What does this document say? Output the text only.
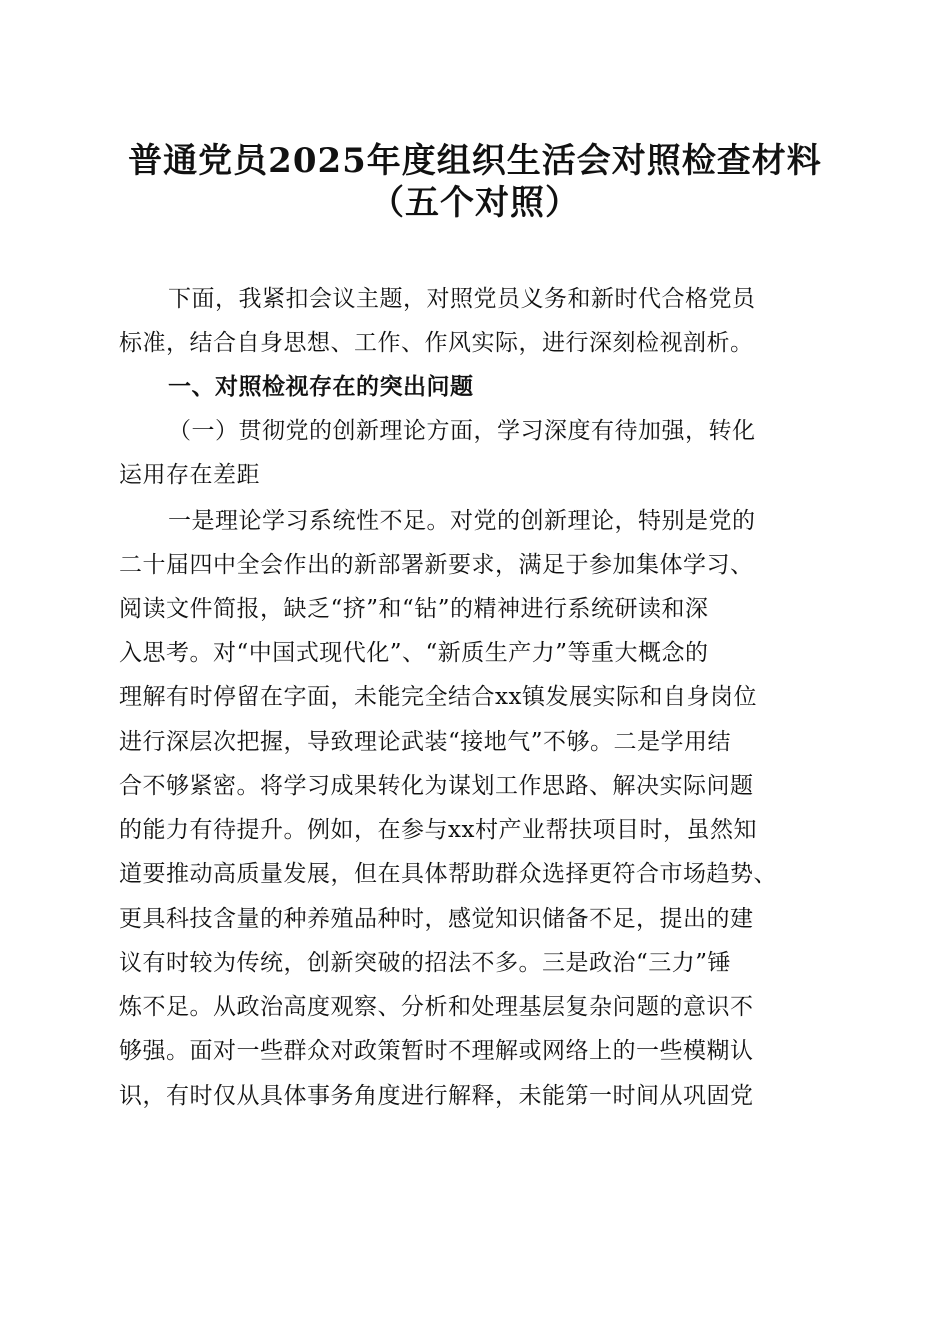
普通党员2025年度组织生活会对照检查材料
（五个对照）
下面，我紧扣会议主题，对照党员义务和新时代合格党员
标准，结合自身思想、工作、作风实际，进行深刻检视剖析。
一、对照检视存在的突出问题
（一）贯彻党的创新理论方面，学习深度有待加强，转化
运用存在差距
一是理论学习系统性不足。对党的创新理论，特别是党的
二十届四中全会作出的新部署新要求，满足于参加集体学习、
阅读文件简报，缺乏“挤”和“钻”的精神进行系统研读和深
入思考。对“中国式现代化”、“新质生产力”等重大概念的
理解有时停留在字面，未能完全结合xx镇发展实际和自身岗位
进行深层次把握，导致理论武装“接地气”不够。二是学用结
合不够紧密。将学习成果转化为谋划工作思路、解决实际问题
的能力有待提升。例如，在参与xx村产业帮扶项目时，虽然知
道要推动高质量发展，但在具体帮助群众选择更符合市场趋势、
更具科技含量的种养殖品种时，感觉知识储备不足，提出的建
议有时较为传统，创新突破的招法不多。三是政治“三力”锤
炼不足。从政治高度观察、分析和处理基层复杂问题的意识不
够强。面对一些群众对政策暂时不理解或网络上的一些模糊认
识，有时仅从具体事务角度进行解释，未能第一时间从巩固党
